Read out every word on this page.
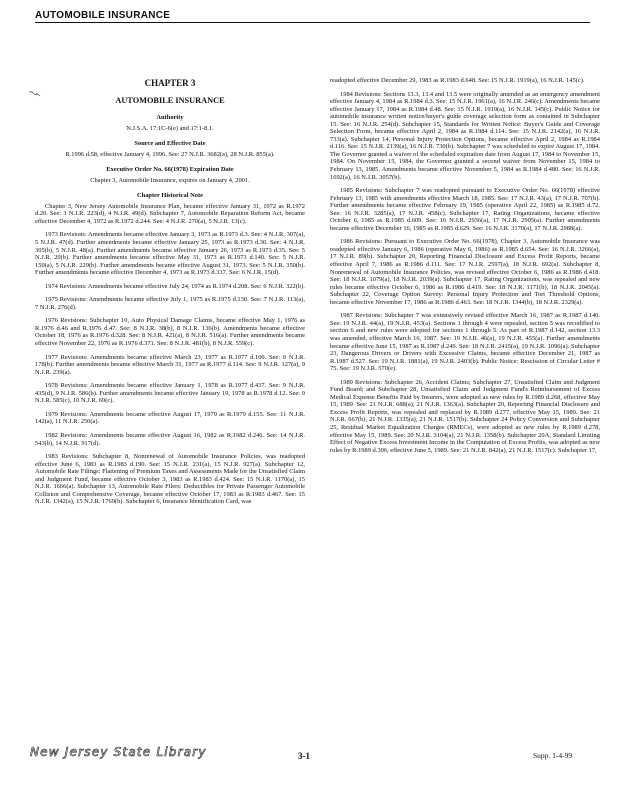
AUTOMOBILE INSURANCE
CHAPTER 3
AUTOMOBILE INSURANCE
Authority
N.J.S.A. 17:1C-6(e) and 17:1-8.1.
Source and Effective Date
R.1996 d.58, effective January 4, 1996. See: 27 N.J.R. 3682(a), 28 N.J.R. 855(a).
Executive Order No. 66(1978) Expiration Date
Chapter 3, Automobile Insurance, expires on January 4, 2001.
Chapter Historical Note

Chapter 3, New Jersey Automobile Insurance Plan, became effective January 31, 1972 as R.1972 d.20. See: 3 N.J.R. 223(d), 4 N.J.R. 49(d). Subchapter 7, Automobile Reparation Reform Act, became effective December 4, 1972 as R.1972 d.244. See: 4 N.J.R. 270(a), 5 N.J.R. 13(c).

1973 Revisions: Amendments became effective January 3, 1973 as R.1973 d.3. See: 4 N.J.R. 307(a), 5 N.J.R. 47(d). Further amendments became effective January 25, 1973 as R.1973 d.30. See: 4 N.J.R. 305(b), 5 N.J.R. 48(a). Further amendments became effective January 26, 1973 as R.1973 d.35. See: 5 N.J.R. 20(b). Further amendments became effective May 31, 1973 as R.1973 d.140. See: 5 N.J.R. 150(a), 5 N.J.R. 229(b). Further amendments became effective August 31, 1973. See: 5 N.J.R. 350(b). Further amendments became effective December 4, 1973 as R.1973 d.337. See: 6 N.J.R. 15(d).

1974 Revisions: Amendments became effective July 24, 1974 as R.1974 d.208. See: 6 N.J.R. 322(b).

1975 Revisions: Amendments became effective July 1, 1975 as R.1975 d.130. See: 7 N.J.R. 113(a), 7 N.J.R. 276(d).

1976 Revisions: Subchapter 10, Auto Physical Damage Claims, became effective May 1, 1976 as R.1976 d.46 and R.1976 d.47. See: 8 N.J.R. 38(b), 8 N.J.R. 136(b). Amendments became effective October 18, 1976 as R.1976 d.328. See: 8 N.J.R. 421(a), 8 N.J.R. 516(a). Further amendments became effective November 22, 1976 as R.1976 d.371. See: 8 N.J.R. 481(b), 8 N.J.R. 559(c).

1977 Revisions: Amendments became effective March 23, 1977 as R.1977 d.100. See: 9 N.J.R. 178(b). Further amendments became effective March 31, 1977 as R.1977 d.114. See: 9 N.J.R. 127(a), 9 N.J.R. 239(a).

1978 Revisions: Amendments became effective January 1, 1978 as R.1977 d.437. See: 9 N.J.R. 435(d), 9 N.J.R. 586(b). Further amendments became effective January 19, 1978 as R.1978 d.12. See: 9 N.J.R. 585(c), 10 N.J.R. 69(c).

1979 Revisions: Amendments became effective August 17, 1979 as R.1979 d.155. See: 11 N.J.R. 142(a), 11 N.J.R. 250(a).

1982 Revisions: Amendments became effective August 16, 1982 as R.1982 d.246. See: 14 N.J.R. 543(b), 14 N.J.R. 917(d).

1983 Revisions: Subchapter 8, Nonrenewal of Automobile Insurance Policies, was readopted effective June 6, 1983 as R.1983 d.190. See: 15 N.J.R. 231(a), 15 N.J.R. 927(a). Subchapter 12, Automobile Rate Filings: Flattening of Premium Taxes and Assessments Made for the Unsatisfied Claim and Judgment Fund, became effective October 3, 1983 as R.1983 d.424. See: 15 N.J.R. 1170(a), 15 N.J.R. 1666(a). Subchapter 13, Automobile Rate Filers: Deductibles for Private Passenger Automobile Collision and Comprehensive Coverage, became effective October 17, 1983 as R.1983 d.467. See: 15 N.J.R. 1342(a), 15 N.J.R. 1769(b). Subchapter 6, Insurance Identification Card, was

readopted effective December 29, 1983 as R.1983 d.648. See: 15 N.J.R. 1919(a), 16 N.J.R. 145(c).

1984 Revisions: Sections 13.3, 13.4 and 13.5 were originally amended as an emergency amendment effective January 4, 1984 as R.1984 d.3. See: 15 N.J.R. 1961(a), 16 N.J.R. 246(c). Amendments became effective January 17, 1984 as R.1984 d.48. See: 15 N.J.R. 1919(a), 16 N.J.R. 145(c). Public Notice for automobile insurance written notice/buyer's guide coverage selection form as contained in Subchapter 15. See: 16 N.J.R. 254(d). Subchapter 15, Standards for Written Notice: Buyer's Guide and Coverage Selection Form, became effective April 2, 1984 as R.1984 d.114. See: 15 N.J.R. 2142(a), 16 N.J.R. 733(a). Subchapter 14, Personal Injury Protection Options, became effective April 2, 1984 as R.1984 d.116. See: 15 N.J.R. 2139(a), 16 N.J.R. 730(b). Subchapter 7 was scheduled to expire August 17, 1984. The Governor granted a waiver of the scheduled expiration date from August 17, 1984 to November 15, 1984. On November 15, 1984, the Governor granted a second waiver from November 15, 1984 to February 13, 1985. Amendments became effective November 5, 1984 as R.1984 d.480. See: 16 N.J.R. 1692(a), 16 N.J.R. 3057(b).

1985 Revisions: Subchapter 7 was readopted pursuant to Executive Order No. 66(1978) effective February 13, 1985 with amendments effective March 18, 1985. See: 17 N.J.R. 43(a), 17 N.J.R. 707(b). Further amendments became effective February 19, 1985 (operative April 22, 1985) as R.1985 d.72. See: 16 N.J.R. 3285(a), 17 N.J.R. 458(c). Subchapter 17, Rating Organizations, became effective October 6, 1985 as R.1985 d.609. See: 16 N.J.R. 2936(a), 17 N.J.R. 2905(a). Further amendments became effective December 16, 1985 as R.1985 d.629. See: 16 N.J.R. 3170(a), 17 N.J.R. 2988(a).

1986 Revisions: Pursuant to Executive Order No. 66(1978), Chapter 3, Automobile Insurance was readopted effective January 6, 1986 (operative May 6, 1986) as R.1985 d.654. See: 16 N.J.R. 3266(a), 17 N.J.R. 89(b). Subchapter 20, Reporting Financial Disclosure and Excess Profit Reports, became effective April 7, 1986 as R.1986 d.111. See: 17 N.J.R. 2597(a), 18 N.J.R. 692(a). Subchapter 8, Nonrenewal of Automobile Insurance Policies, was revised effective October 6, 1986 as R.1986 d.418. See: 18 N.J.R. 1079(a), 18 N.J.R. 2039(a). Subchapter 17, Rating Organizations, was repealed and new rules became effective October 6, 1986 as R.1986 d.419. See: 18 N.J.R. 1171(b), 18 N.J.R. 2045(a). Subchapter 22, Coverage Option Survey: Personal Injury Protection and Tort Threshold Options, became effective November 17, 1986 as R.1986 d.463. See: 18 N.J.R. 1344(b), 18 N.J.R. 2329(a).

1987 Revisions: Subchapter 7 was extensively revised effective March 16, 1987 as R.1987 d.140. See: 19 N.J.R. 44(a), 19 N.J.R. 453(a). Sections 1 through 4 were repealed, section 5 was recodified to section 6 and new rules were adopted for sections 1 through 5. As part of R.1987 d.142, section 13.3 was amended, effective March 16, 1987. See: 19 N.J.R. 46(a), 19 N.J.R. 455(a). Further amendments became effective June 15, 1987 as R.1987 d.249. See: 18 N.J.R. 2415(a), 19 N.J.R. 1096(a). Subchapter 23, Dangerous Drivers or Drivers with Excessive Claims, became effective December 21, 1987 as R.1987 d.527. See: 19 N.J.R. 1881(a), 19 N.J.R. 2403(b). Public Notice: Rescission of Circular Letter # 75. See: 19 N.J.R. 570(e).

1989 Revisions: Subchapter 26, Accident Claims; Subchapter 27, Unsatisfied Claim and Judgment Fund Board; and Subchapter 28, Unsatisfied Claim and Judgment Fund's Reimbursement of Excess Medical Expense Benefits Paid by Insurers, were adopted as new rules by R.1989 d.268, effective May 15, 1989. See: 21 N.J.R. 688(a), 21 N.J.R. 1363(a). Subchapter 20, Reporting Financial Disclosure and Excess Profit Reports, was repealed and replaced by R.1989 d.277, effective May 15, 1989. See: 21 N.J.R. 667(b), 21 N.J.R. 1335(a), 21 N.J.R. 1517(b). Subchapter 24 Policy Conversion and Subchapter 25, Residual Market Equalization Charges (RMECs), were adopted as new rules by R.1989 d.278, effective May 15, 1989. See: 20 N.J.R. 3104(a), 21 N.J.R. 1358(b). Subchapter 20A, Standard Limiting Effect of Negative Excess Investment Income in the Computation of Excess Profits, was adopted as new rules by R.1989 d.306, effective June 5, 1989. See: 21 N.J.R. 842(a), 21 N.J.R. 1517(c). Subchapter 17,

New Jersey State Library	3-1	Supp. 1-4-99
